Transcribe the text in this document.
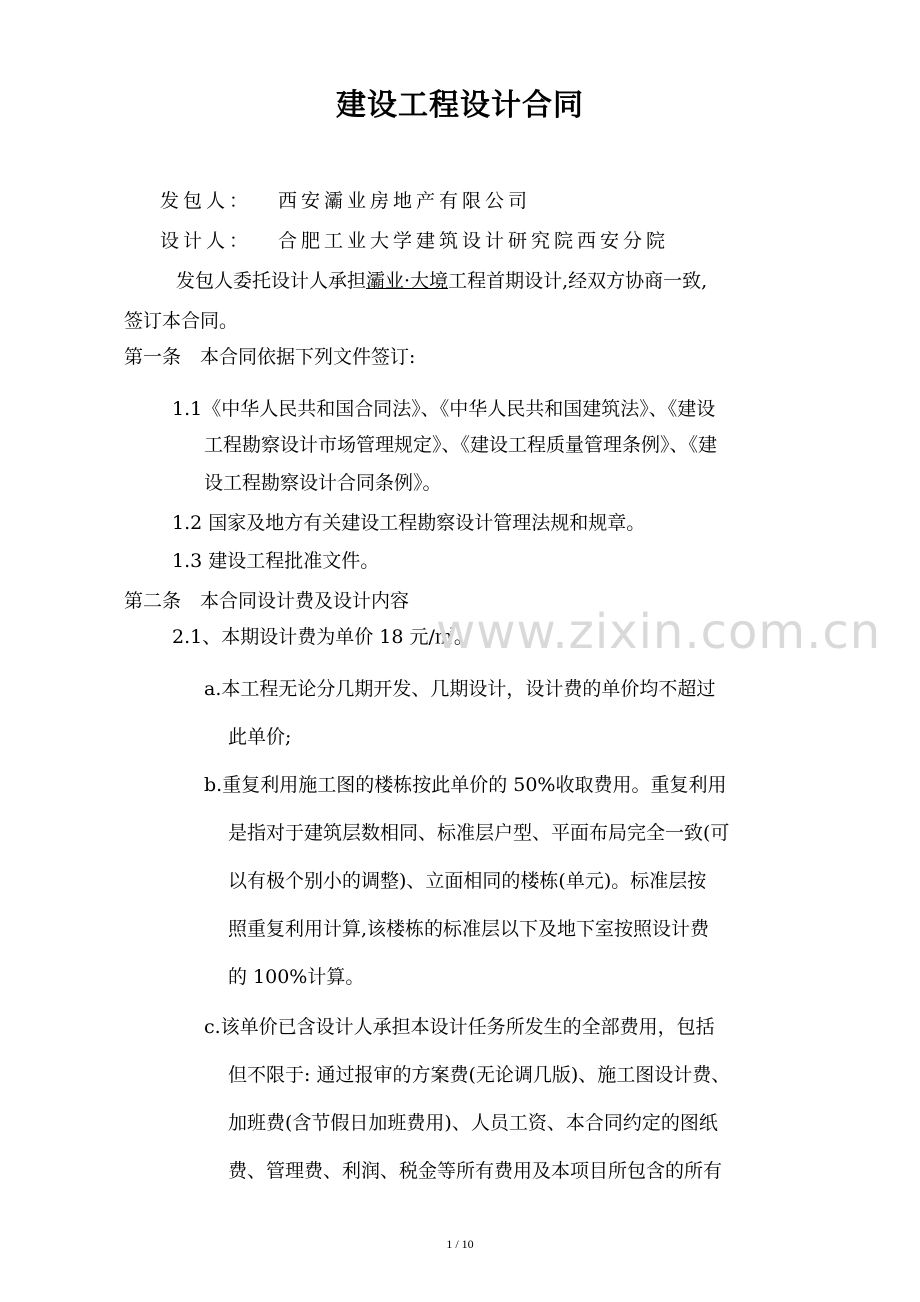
建设工程设计合同
发包人： 西安灞业房地产有限公司
设计人： 合肥工业大学建筑设计研究院西安分院
发包人委托设计人承担灞业·大境工程首期设计,经双方协商一致,
签订本合同。
第一条　本合同依据下列文件签订:
1.1《中华人民共和国合同法》、《中华人民共和国建筑法》、《建设
工程勘察设计市场管理规定》、《建设工程质量管理条例》、《建
设工程勘察设计合同条例》。
1.2 国家及地方有关建设工程勘察设计管理法规和规章。
1.3 建设工程批准文件。
第二条　本合同设计费及设计内容
2.1、本期设计费为单价 18 元/㎡。
a.本工程无论分几期开发、几期设计，设计费的单价均不超过
此单价;
b.重复利用施工图的楼栋按此单价的 50%收取费用。重复利用
是指对于建筑层数相同、标准层户型、平面布局完全一致(可
以有极个别小的调整)、立面相同的楼栋(单元)。标准层按
照重复利用计算,该楼栋的标准层以下及地下室按照设计费
的 100%计算。
c.该单价已含设计人承担本设计任务所发生的全部费用，包括
但不限于: 通过报审的方案费(无论调几版)、施工图设计费、
加班费(含节假日加班费用)、人员工资、本合同约定的图纸
费、管理费、利润、税金等所有费用及本项目所包含的所有
www.zixin.com.cn
1 / 10
